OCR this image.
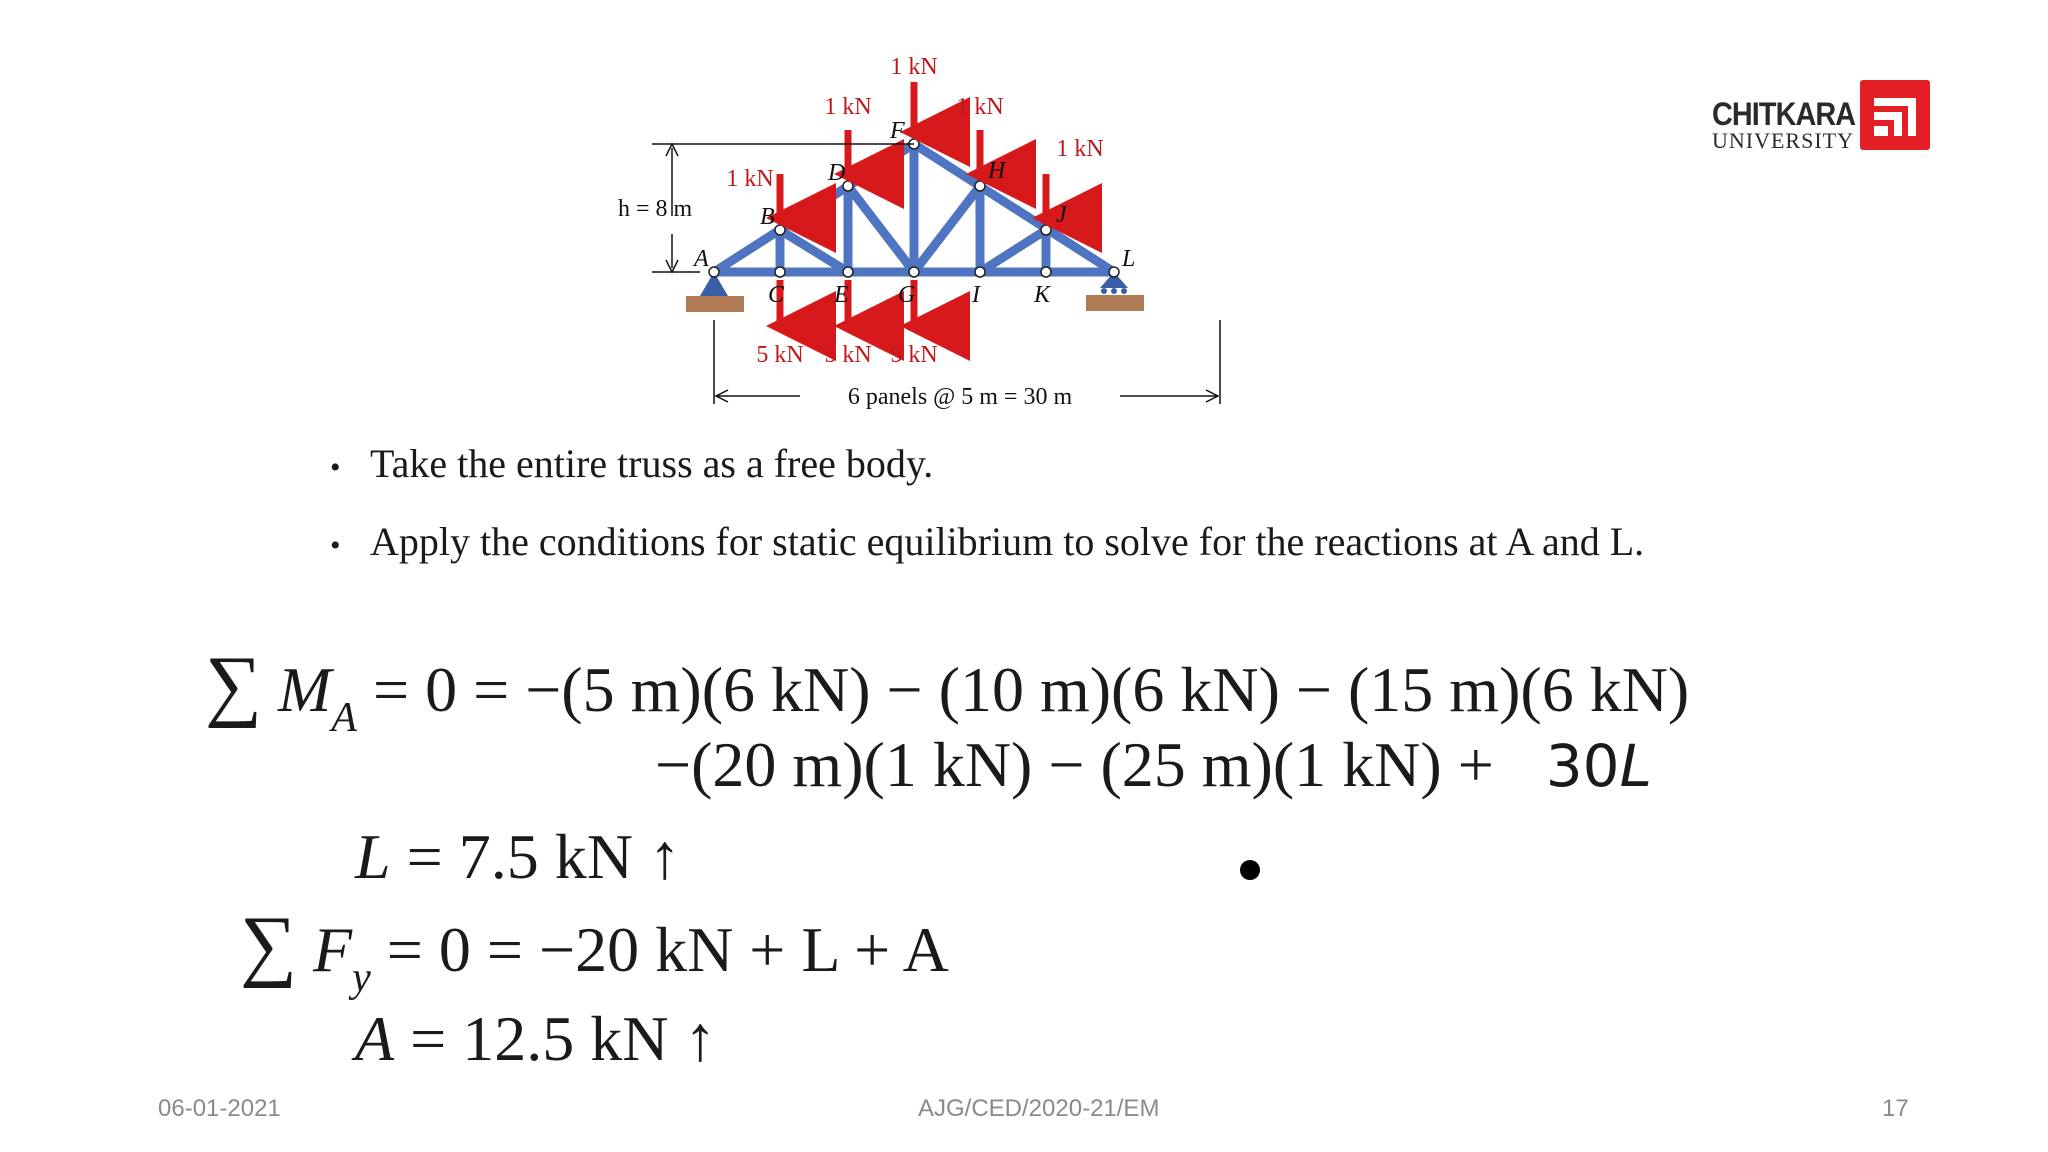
CHITKARA
UNIVERSITY
1 kN
1 kN	1 kN
1 kN
1 kN
5 kN 5 kN 5 kN
A
B
C
D
E
F
G
H
I
J
K
L
h = 8 m
6 panels @ 5 m = 30 m
• Take the entire truss as a free body.
• Apply the conditions for static equilibrium to solve for the reactions at A and L.
∑ $M_A = 0 = -(5$ m)(6 kN) − (10 m)(6 kN) − (15 m)(6 kN)
−(20 m)(1 kN) − (25 m)(1 kN) + 30L
L = 7.5 kN ↑
∑ $F_y = 0 = -20$ kN + L + A
A = 12.5 kN ↑
06-01-2021	AJG/CED/2020-21/EM	17
